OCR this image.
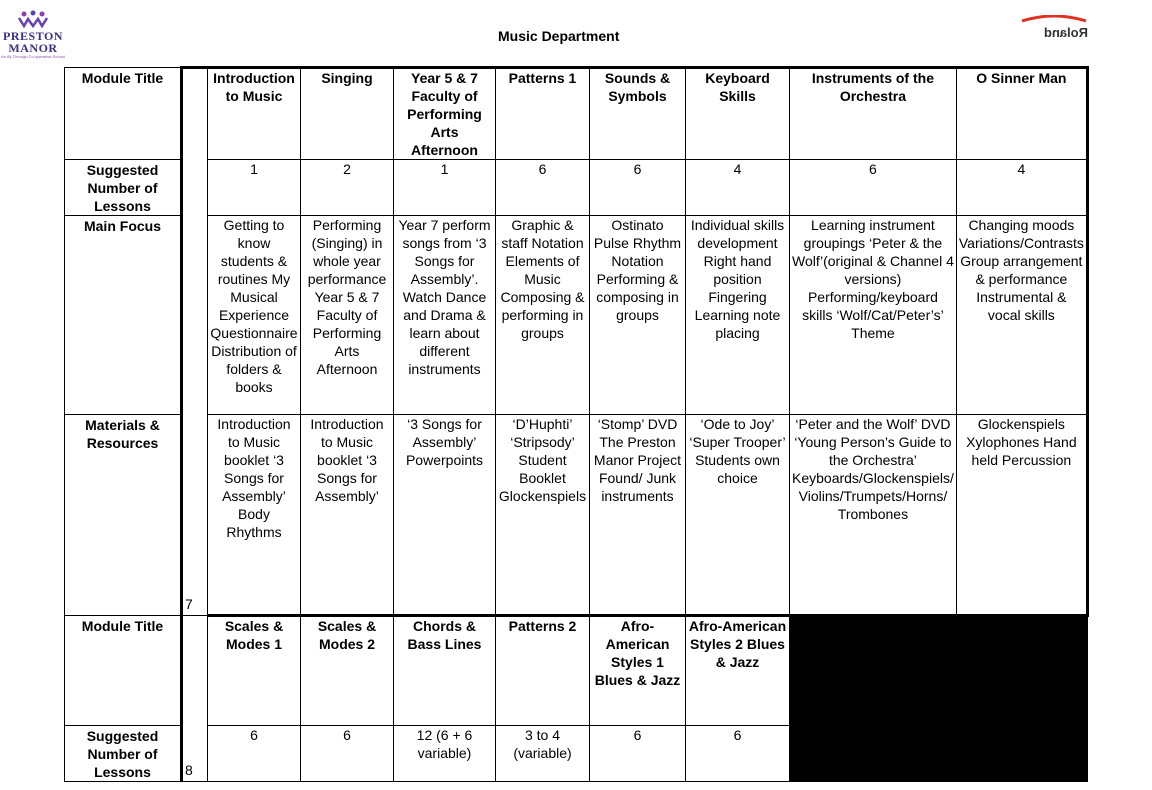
PRESTON
MANOR
An All-Through Co-operative School
Music Department	Roland
Module Title	7	Introduction to Music	Singing	Year 5 & 7 Faculty of Performing Arts Afternoon	Patterns 1	Sounds & Symbols	Keyboard Skills	Instruments of the Orchestra	O Sinner Man
Suggested Number of Lessons		1	2	1	6	6	4	6	4
Main Focus		Getting to know students & routines My Musical Experience Questionnaire Distribution of folders & books	Performing (Singing) in whole year performance Year 5 & 7 Faculty of Performing Arts Afternoon	Year 7 perform songs from ‘3 Songs for Assembly’. Watch Dance and Drama & learn about different instruments	Graphic & staff Notation Elements of Music Composing & performing in groups	Ostinato Pulse Rhythm Notation Performing & composing in groups	Individual skills development Right hand position Fingering Learning note placing	Learning instrument groupings ‘Peter & the Wolf’(original & Channel 4 versions) Performing/keyboard skills ‘Wolf/Cat/Peter’s’ Theme	Changing moods Variations/Contrasts Group arrangement & performance Instrumental & vocal skills
Materials & Resources		Introduction to Music booklet ‘3 Songs for Assembly’ Body Rhythms	Introduction to Music booklet ‘3 Songs for Assembly’	‘3 Songs for Assembly’ Powerpoints	‘D’Huphti’ ‘Stripsody’ Student Booklet Glockenspiels	‘Stomp’ DVD The Preston Manor Project Found/ Junk instruments	‘Ode to Joy’ ‘Super Trooper’ Students own choice	‘Peter and the Wolf’ DVD ‘Young Person’s Guide to the Orchestra’ Keyboards/Glockenspiels/ Violins/Trumpets/Horns/ Trombones	Glockenspiels Xylophones Hand held Percussion
Module Title	8	Scales & Modes 1	Scales & Modes 2	Chords & Bass Lines	Patterns 2	Afro-American Styles 1 Blues & Jazz	Afro-American Styles 2 Blues & Jazz		
Suggested Number of Lessons		6	6	12 (6 + 6 variable)	3 to 4 (variable)	6	6		
